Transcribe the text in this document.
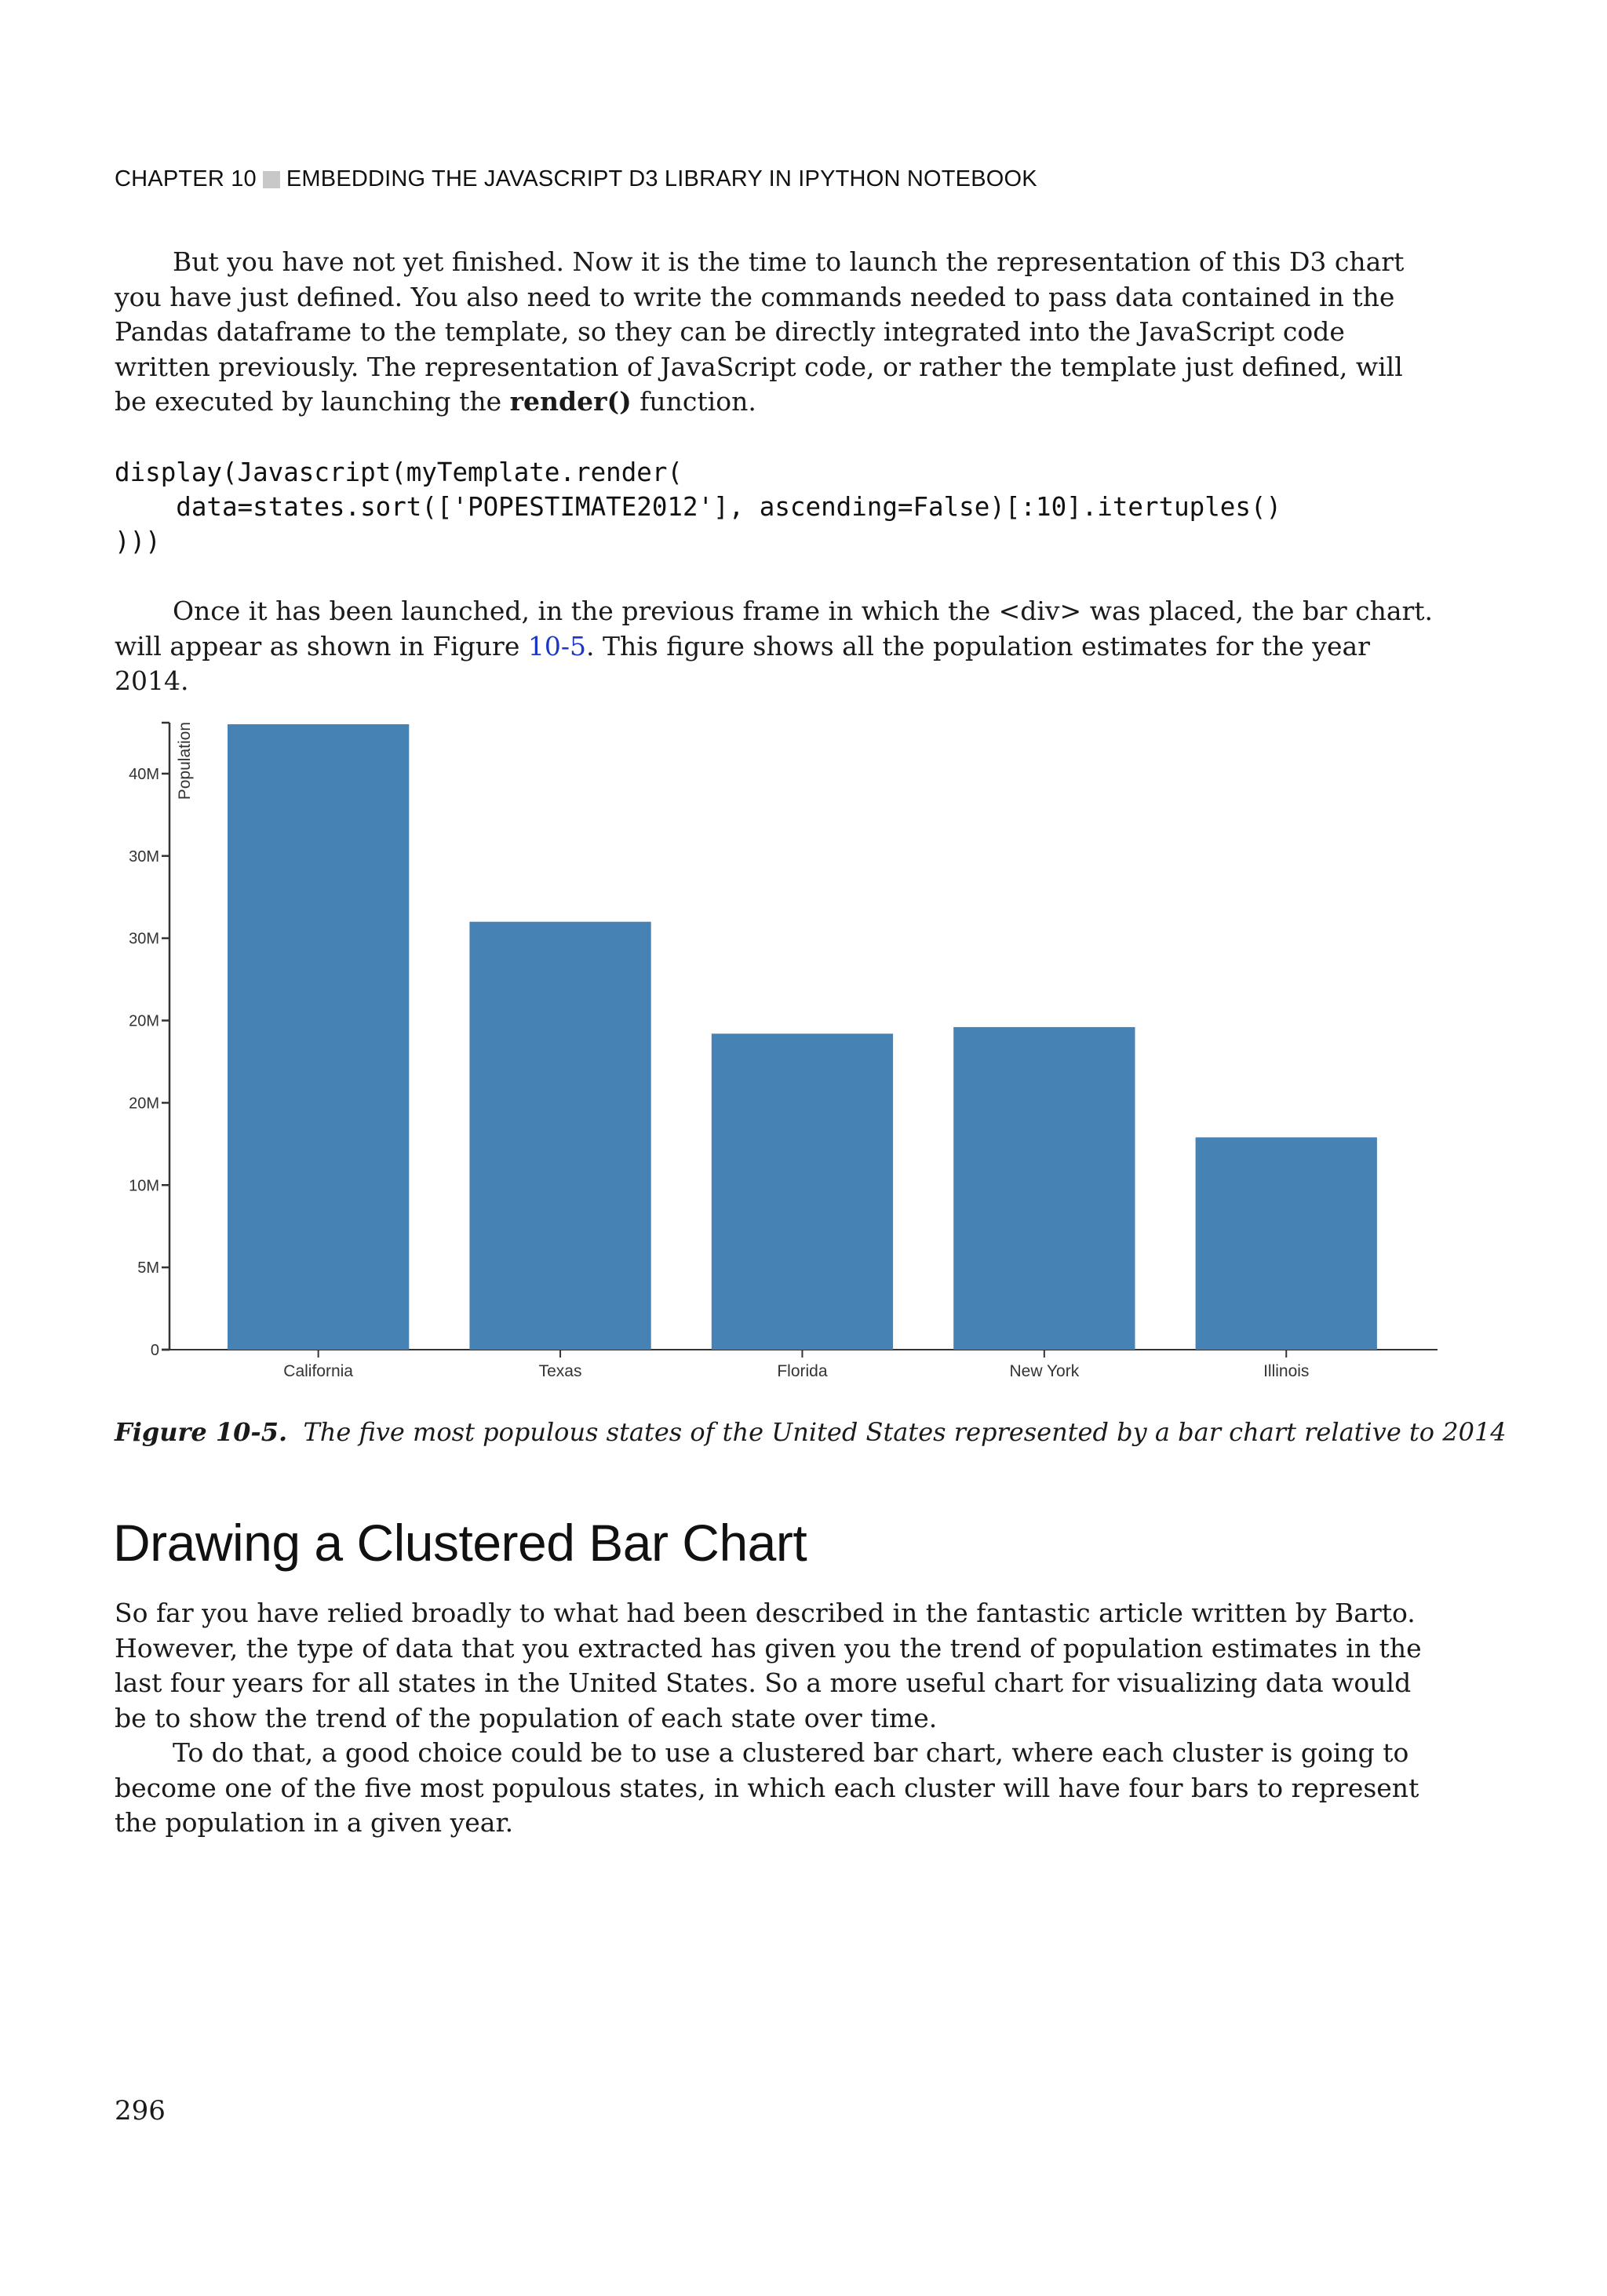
CHAPTER 10 EMBEDDING THE JAVASCRIPT D3 LIBRARY IN IPYTHON NOTEBOOK

But you have not yet finished. Now it is the time to launch the representation of this D3 chart you have just defined. You also need to write the commands needed to pass data contained in the Pandas dataframe to the template, so they can be directly integrated into the JavaScript code written previously. The representation of JavaScript code, or rather the template just defined, will be executed by launching the render() function.

display(Javascript(myTemplate.render(
data=states.sort(['POPESTIMATE2012'], ascending=False)[:10].itertuples()
)))

Once it has been launched, in the previous frame in which the <div> was placed, the bar chart. will appear as shown in Figure 10-5. This figure shows all the population estimates for the year 2014.

0
5M
10M
20M
20M
30M
30M
40M Population
California	Texas	Florida	New York	Illinois

Figure 10-5. The five most populous states of the United States represented by a bar chart relative to 2014

Drawing a Clustered Bar Chart

So far you have relied broadly to what had been described in the fantastic article written by Barto. However, the type of data that you extracted has given you the trend of population estimates in the last four years for all states in the United States. So a more useful chart for visualizing data would be to show the trend of the population of each state over time.

To do that, a good choice could be to use a clustered bar chart, where each cluster is going to become one of the five most populous states, in which each cluster will have four bars to represent the population in a given year.

296
